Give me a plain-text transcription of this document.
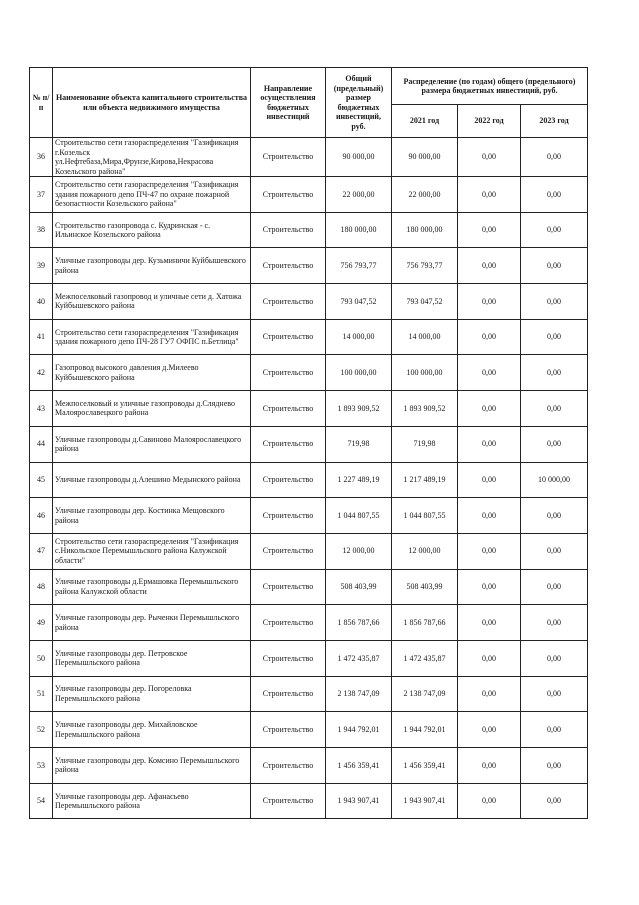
№ п/п	Наименование объекта капитального строительства или объекта недвижимого имущества	Направление осуществления бюджетных инвестиций	Общий (предельный) размер бюджетных инвестиций, руб.	Распределение (по годам) общего (предельного) размера бюджетных инвестиций, руб.		
				2021 год	2022 год	2023 год
36	Строительство сети газораспределения "Газификация г.Козельск ул.Нефтебаза,Мира,Фрунзе,Кирова,Некрасова Козельского района"	Строительство	90 000,00	90 000,00	0,00	0,00
37	Строительство сети газораспределения "Газификация здания пожарного депо ПЧ-47 по охране пожарной безопастности Козельского района"	Строительство	22 000,00	22 000,00	0,00	0,00
38	Строительство газопровода с. Кудринская - с. Ильинское Козельского района	Строительство	180 000,00	180 000,00	0,00	0,00
39	Уличные газопроводы дер. Кузьминичи Куйбышевского района	Строительство	756 793,77	756 793,77	0,00	0,00
40	Межпоселковый газопровод и уличные сети д. Хатожа Куйбышевского района	Строительство	793 047,52	793 047,52	0,00	0,00
41	Строительство сети газораспределения "Газификация здания пожарного депо ПЧ-28 ГУ7 ОФПС п.Бетлица"	Строительство	14 000,00	14 000,00	0,00	0,00
42	Газопровод высокого давления д.Милеево Куйбышевского района	Строительство	100 000,00	100 000,00	0,00	0,00
43	Межпоселковый и уличные газопроводы д.Сляднево Малоярославецкого района	Строительство	1 893 909,52	1 893 909,52	0,00	0,00
44	Уличные газопроводы д.Савиново Малоярославецкого района	Строительство	719,98	719,98	0,00	0,00
45	Уличные газопроводы д.Алешино Медынского района	Строительство	1 227 489,19	1 217 489,19	0,00	10 000,00
46	Уличные газопроводы дер. Костинка Мещовского района	Строительство	1 044 807,55	1 044 807,55	0,00	0,00
47	Строительство сети газораспределения "Газификация с.Никольское Перемышльского района Калужской области"	Строительство	12 000,00	12 000,00	0,00	0,00
48	Уличные газопроводы д.Ермашовка Перемышльского района Калужской области	Строительство	508 403,99	508 403,99	0,00	0,00
49	Уличные газопроводы дер. Рыченки Перемышльского района	Строительство	1 856 787,66	1 856 787,66	0,00	0,00
50	Уличные газопроводы дер. Петровское Перемышльского района	Строительство	1 472 435,87	1 472 435,87	0,00	0,00
51	Уличные газопроводы дер. Погореловка Перемышльского района	Строительство	2 138 747,09	2 138 747,09	0,00	0,00
52	Уличные газопроводы дер. Михайловское Перемышльского района	Строительство	1 944 792,01	1 944 792,01	0,00	0,00
53	Уличные газопроводы дер. Комсино Перемышльского района	Строительство	1 456 359,41	1 456 359,41	0,00	0,00
54	Уличные газопроводы дер. Афанасьево Перемышльского района	Строительство	1 943 907,41	1 943 907,41	0,00	0,00
